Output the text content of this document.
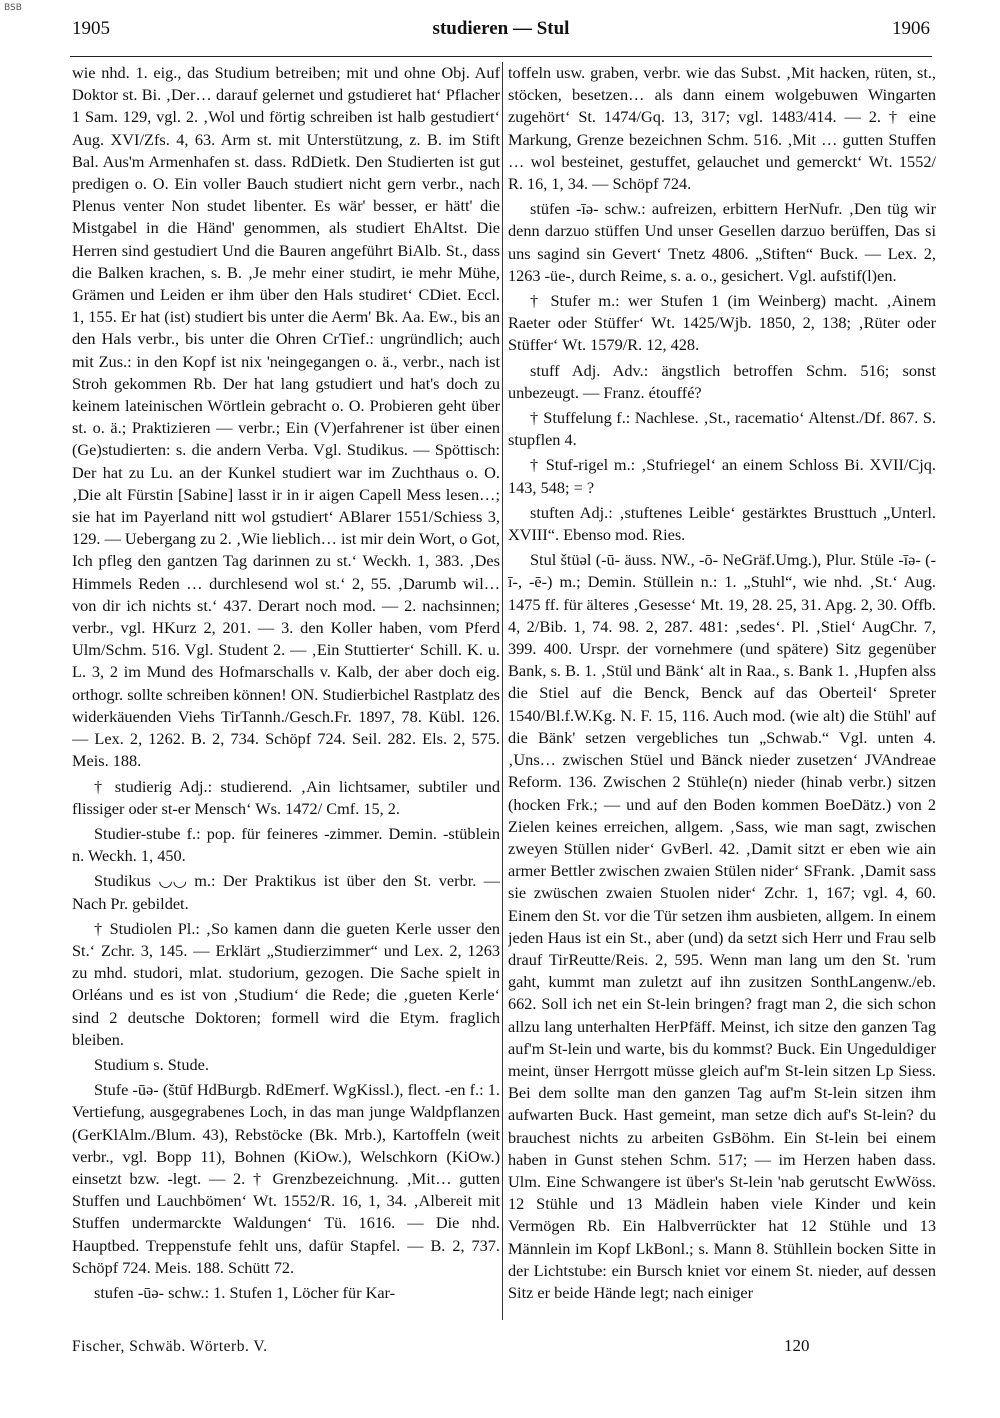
BSB
1905	studieren — Stul	1906

wie nhd. 1. eig., das Studium betreiben; mit und ohne Obj. Auf Doktor st. Bi. ‚Der… darauf gelernet und gstudieret hat‘ Pflacher 1 Sam. 129, vgl. 2. ‚Wol und förtig schreiben ist halb gestudiert‘ Aug. XVI/Zfs. 4, 63. Arm st. mit Unterstützung, z. B. im Stift Bal. Aus'm Armenhafen st. dass. RdDietk. Den Studierten ist gut predigen o. O. Ein voller Bauch studiert nicht gern verbr., nach Plenus venter Non studet libenter. Es wär' besser, er hätt' die Mistgabel in die Händ' genommen, als studiert EhAltst. Die Herren sind gestudiert Und die Bauren angeführt BiAlb. St., dass die Balken krachen, s. B. ‚Je mehr einer studirt, ie mehr Mühe, Grämen und Leiden er ihm über den Hals studiret‘ CDiet. Eccl. 1, 155. Er hat (ist) studiert bis unter die Aerm' Bk. Aa. Ew., bis an den Hals verbr., bis unter die Ohren CrTief.: ungründlich; auch mit Zus.: in den Kopf ist nix 'neingegangen o. ä., verbr., nach ist Stroh gekommen Rb. Der hat lang gstudiert und hat's doch zu keinem lateinischen Wörtlein gebracht o. O. Probieren geht über st. o. ä.; Praktizieren — verbr.; Ein (V)erfahrener ist über einen (Ge)studierten: s. die andern Verba. Vgl. Studikus. — Spöttisch: Der hat zu Lu. an der Kunkel studiert war im Zuchthaus o. O. ‚Die alt Fürstin [Sabine] lasst ir in ir aigen Capell Mess lesen…; sie hat im Payerland nitt wol gstudiert‘ ABlarer 1551/Schiess 3, 129. — Uebergang zu 2. ‚Wie lieblich… ist mir dein Wort, o Got, Ich pfleg den gantzen Tag darinnen zu st.‘ Weckh. 1, 383. ‚Des Himmels Reden … durchlesend wol st.‘ 2, 55. ‚Darumb wil… von dir ich nichts st.‘ 437. Derart noch mod. — 2. nachsinnen; verbr., vgl. HKurz 2, 201. — 3. den Koller haben, vom Pferd Ulm/Schm. 516. Vgl. Student 2. — ‚Ein Stuttierter‘ Schill. K. u. L. 3, 2 im Mund des Hofmarschalls v. Kalb, der aber doch eig. orthogr. sollte schreiben können! ON. Studierbichel Rastplatz des widerkäuenden Viehs TirTannh./Gesch.Fr. 1897, 78. Kübl. 126. — Lex. 2, 1262. B. 2, 734. Schöpf 724. Seil. 282. Els. 2, 575. Meis. 188.

† studierig Adj.: studierend. ‚Ain lichtsamer, subtiler und flissiger oder st-er Mensch‘ Ws. 1472/ Cmf. 15, 2.

Studier-stube f.: pop. für feineres -zimmer. Demin. -stüblein n. Weckh. 1, 450.

Studikus ◡◡ m.: Der Praktikus ist über den St. verbr. — Nach Pr. gebildet.

† Studiolen Pl.: ‚So kamen dann die gueten Kerle usser den St.‘ Zchr. 3, 145. — Erklärt „Studierzimmer“ und Lex. 2, 1263 zu mhd. studori, mlat. studorium, gezogen. Die Sache spielt in Orléans und es ist von ‚Studium‘ die Rede; die ‚gueten Kerle‘ sind 2 deutsche Doktoren; formell wird die Etym. fraglich bleiben.

Studium s. Stude.

Stufe -ūə- (štūf HdBurgb. RdEmerf. WgKissl.), flect. -en f.: 1. Vertiefung, ausgegrabenes Loch, in das man junge Waldpflanzen (GerKlAlm./Blum. 43), Rebstöcke (Bk. Mrb.), Kartoffeln (weit verbr., vgl. Bopp 11), Bohnen (KiOw.), Welschkorn (KiOw.) einsetzt bzw. -legt. — 2. † Grenzbezeichnung. ‚Mit… gutten Stuffen und Lauchbömen‘ Wt. 1552/R. 16, 1, 34. ‚Albereit mit Stuffen undermarckte Waldungen‘ Tü. 1616. — Die nhd. Hauptbed. Treppenstufe fehlt uns, dafür Stapfel. — B. 2, 737. Schöpf 724. Meis. 188. Schütt 72.

stufen -ūə- schw.: 1. Stufen 1, Löcher für Kar-

toffeln usw. graben, verbr. wie das Subst. ‚Mit hacken, rüten, st., stöcken, besetzen… als dann einem wolgebuwen Wingarten zugehört‘ St. 1474/Gq. 13, 317; vgl. 1483/414. — 2. † eine Markung, Grenze bezeichnen Schm. 516. ‚Mit … gutten Stuffen … wol besteinet, gestuffet, gelauchet und gemerckt‘ Wt. 1552/ R. 16, 1, 34. — Schöpf 724.

stüfen -īə- schw.: aufreizen, erbittern HerNufr. ‚Den tüg wir denn darzuo stüffen Und unser Gesellen darzuo berüffen, Das si uns sagind sin Gevert‘ Tnetz 4806. „Stiften“ Buck. — Lex. 2, 1263 -üe-, durch Reime, s. a. o., gesichert. Vgl. aufstif(l)en.

† Stufer m.: wer Stufen 1 (im Weinberg) macht. ‚Ainem Raeter oder Stüffer‘ Wt. 1425/Wjb. 1850, 2, 138; ‚Rüter oder Stüffer‘ Wt. 1579/R. 12, 428.

stuff Adj. Adv.: ängstlich betroffen Schm. 516; sonst unbezeugt. — Franz. étouffé?

† Stuffelung f.: Nachlese. ‚St., racematio‘ Altenst./Df. 867. S. stupflen 4.

† Stuf-rigel m.: ‚Stufriegel‘ an einem Schloss Bi. XVII/Cjq. 143, 548; = ?

stuften Adj.: ‚stuftenes Leible‘ gestärktes Brusttuch „Unterl. XVIII“. Ebenso mod. Ries.

Stul štüəl (-ū- äuss. NW., -ō- NeGräf.Umg.), Plur. Stüle -īə- (-ī-, -ē-) m.; Demin. Stüllein n.: 1. „Stuhl“, wie nhd. ‚St.‘ Aug. 1475 ff. für älteres ‚Gesesse‘ Mt. 19, 28. 25, 31. Apg. 2, 30. Offb. 4, 2/Bib. 1, 74. 98. 2, 287. 481: ‚sedes‘. Pl. ‚Stiel‘ AugChr. 7, 399. 400. Urspr. der vornehmere (und spätere) Sitz gegenüber Bank, s. B. 1. ‚Stül und Bänk‘ alt in Raa., s. Bank 1. ‚Hupfen alss die Stiel auf die Benck, Benck auf das Oberteil‘ Spreter 1540/Bl.f.W.Kg. N. F. 15, 116. Auch mod. (wie alt) die Stühl' auf die Bänk' setzen vergebliches tun „Schwab.“ Vgl. unten 4. ‚Uns… zwischen Stüel und Bänck nieder zusetzen‘ JVAndreae Reform. 136. Zwischen 2 Stühle(n) nieder (hinab verbr.) sitzen (hocken Frk.; — und auf den Boden kommen BoeDätz.) von 2 Zielen keines erreichen, allgem. ‚Sass, wie man sagt, zwischen zweyen Stüllen nider‘ GvBerl. 42. ‚Damit sitzt er eben wie ain armer Bettler zwischen zwaien Stülen nider‘ SFrank. ‚Damit sass sie zwüschen zwaien Stuolen nider‘ Zchr. 1, 167; vgl. 4, 60. Einem den St. vor die Tür setzen ihm ausbieten, allgem. In einem jeden Haus ist ein St., aber (und) da setzt sich Herr und Frau selb drauf TirReutte/Reis. 2, 595. Wenn man lang um den St. 'rum gaht, kummt man zuletzt auf ihn zusitzen SonthLangenw./eb. 662. Soll ich net ein St-lein bringen? fragt man 2, die sich schon allzu lang unterhalten HerPfäff. Meinst, ich sitze den ganzen Tag auf'm St-lein und warte, bis du kommst? Buck. Ein Ungeduldiger meint, ünser Herrgott müsse gleich auf'm St-lein sitzen Lp Siess. Bei dem sollte man den ganzen Tag auf'm St-lein sitzen ihm aufwarten Buck. Hast gemeint, man setze dich auf's St-lein? du brauchest nichts zu arbeiten GsBöhm. Ein St-lein bei einem haben in Gunst stehen Schm. 517; — im Herzen haben dass. Ulm. Eine Schwangere ist über's St-lein 'nab gerutscht EwWöss. 12 Stühle und 13 Mädlein haben viele Kinder und kein Vermögen Rb. Ein Halbverrückter hat 12 Stühle und 13 Männlein im Kopf LkBonl.; s. Mann 8. Stühllein bocken Sitte in der Lichtstube: ein Bursch kniet vor einem St. nieder, auf dessen Sitz er beide Hände legt; nach einiger

Fischer, Schwäb. Wörterb. V.	120
